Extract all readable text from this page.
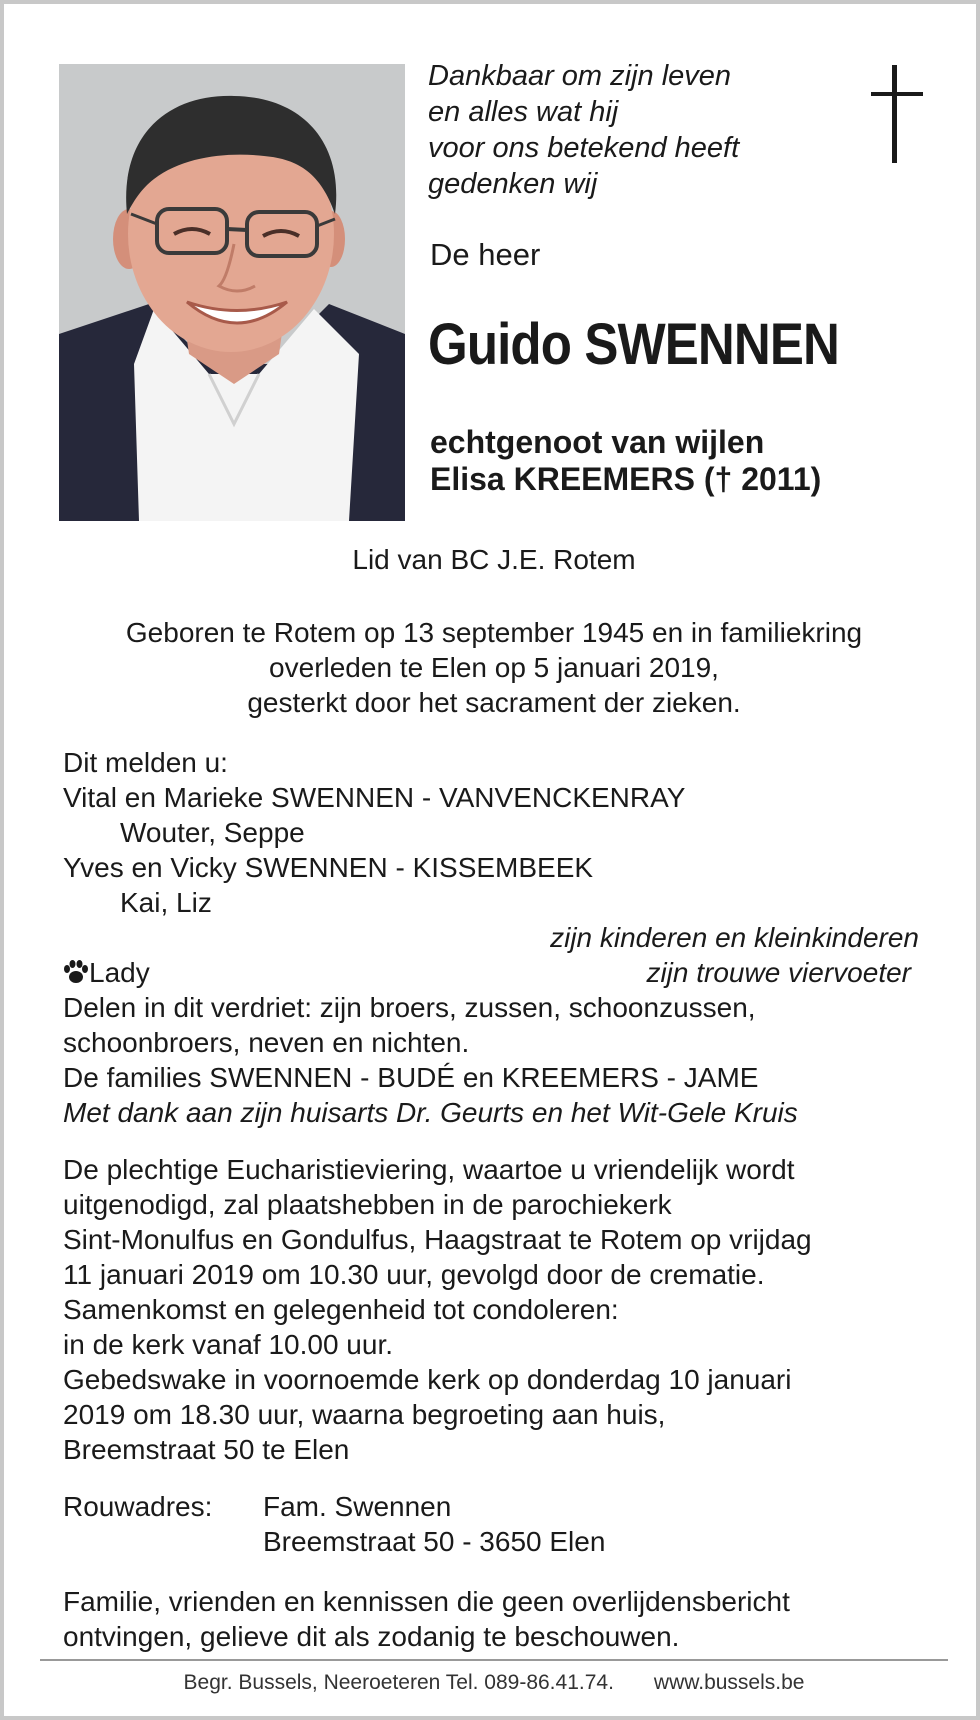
Dankbaar om zijn leven
en alles wat hij
voor ons betekend heeft
gedenken wij
De heer
Guido SWENNEN
echtgenoot van wijlen
Elisa KREEMERS († 2011)
Lid van BC J.E. Rotem
Geboren te Rotem op 13 september 1945 en in familiekring
overleden te Elen op 5 januari 2019,
gesterkt door het sacrament der zieken.
Dit melden u:
Vital en Marieke SWENNEN - VANVENCKENRAY
Wouter, Seppe
Yves en Vicky SWENNEN - KISSEMBEEK
Kai, Liz
zijn kinderen en kleinkinderen
Lady	zijn trouwe viervoeter
Delen in dit verdriet: zijn broers, zussen, schoonzussen,
schoonbroers, neven en nichten.
De families SWENNEN - BUDÉ en KREEMERS - JAME
Met dank aan zijn huisarts Dr. Geurts en het Wit-Gele Kruis
De plechtige Eucharistieviering, waartoe u vriendelijk wordt
uitgenodigd, zal plaatshebben in de parochiekerk
Sint-Monulfus en Gondulfus, Haagstraat te Rotem op vrijdag
11 januari 2019 om 10.30 uur, gevolgd door de crematie.
Samenkomst en gelegenheid tot condoleren:
in de kerk vanaf 10.00 uur.
Gebedswake in voornoemde kerk op donderdag 10 januari
2019 om 18.30 uur, waarna begroeting aan huis,
Breemstraat 50 te Elen
Rouwadres: Fam. Swennen
Breemstraat 50 - 3650 Elen
Familie, vrienden en kennissen die geen overlijdensbericht
ontvingen, gelieve dit als zodanig te beschouwen.
Begr. Bussels, Neeroeteren Tel. 089-86.41.74. www.bussels.be
